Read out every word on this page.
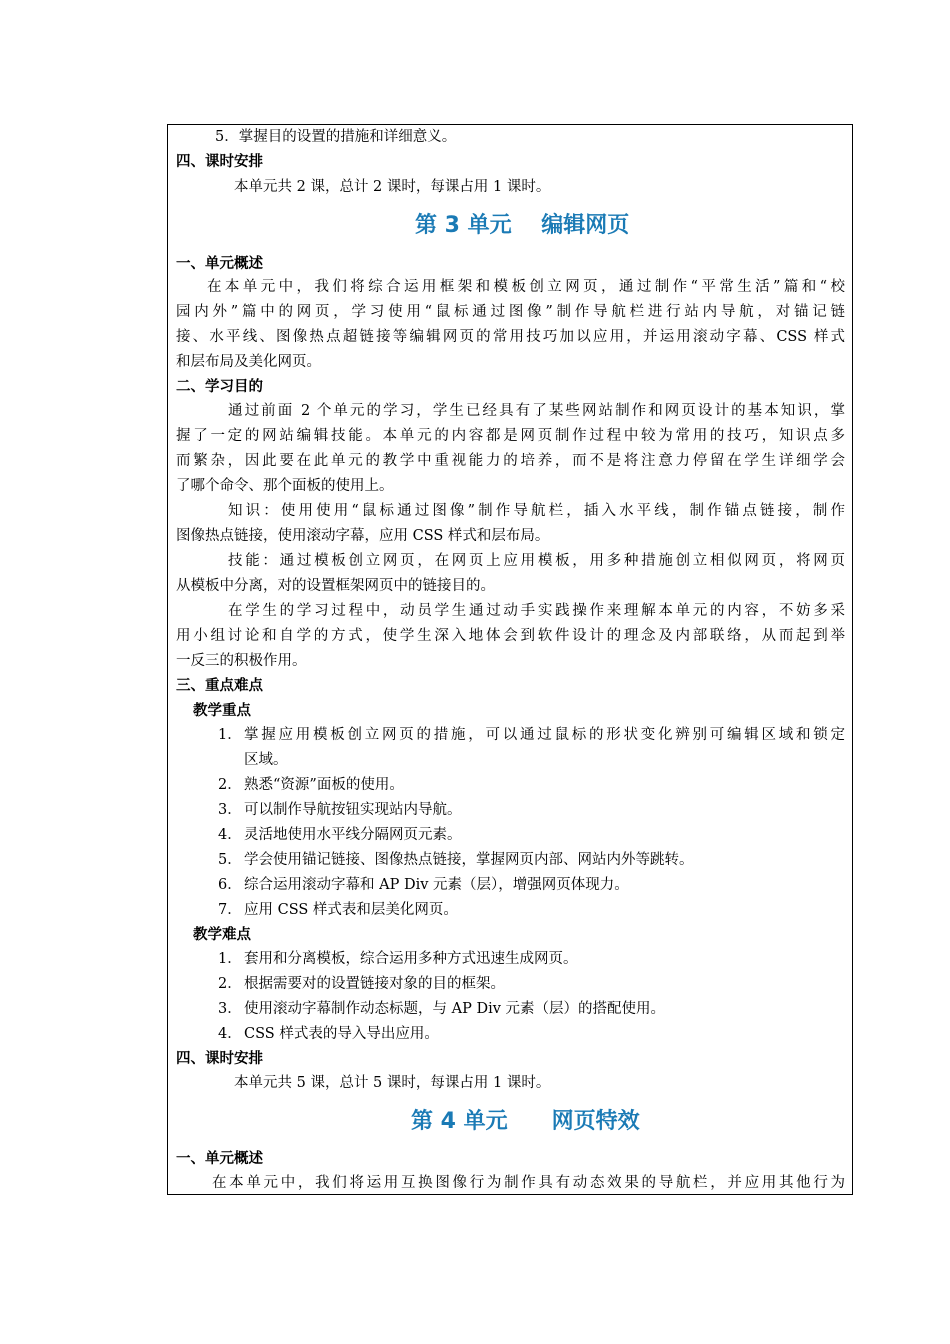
5．掌握目的设置的措施和详细意义。
四、课时安排
本单元共 2 课，总计 2 课时，每课占用 1 课时。
第 3 单元　 编辑网页
一、单元概述
在本单元中，我们将综合运用框架和模板创立网页，通过制作“平常生活”篇和“校
园内外”篇中的网页，学习使用“鼠标通过图像”制作导航栏进行站内导航，对锚记链
接、水平线、图像热点超链接等编辑网页的常用技巧加以应用，并运用滚动字幕、CSS 样式
和层布局及美化网页。
二、学习目的
通过前面 2 个单元的学习，学生已经具有了某些网站制作和网页设计的基本知识，掌
握了一定的网站编辑技能。本单元的内容都是网页制作过程中较为常用的技巧，知识点多
而繁杂，因此要在此单元的教学中重视能力的培养，而不是将注意力停留在学生详细学会
了哪个命令、那个面板的使用上。
知识：使用使用“鼠标通过图像”制作导航栏，插入水平线，制作锚点链接，制作
图像热点链接，使用滚动字幕，应用 CSS 样式和层布局。
技能：通过模板创立网页，在网页上应用模板，用多种措施创立相似网页，将网页
从模板中分离，对的设置框架网页中的链接目的。
在学生的学习过程中，动员学生通过动手实践操作来理解本单元的内容，不妨多采
用小组讨论和自学的方式，使学生深入地体会到软件设计的理念及内部联络，从而起到举
一反三的积极作用。
三、重点难点
教学重点
1． 掌握应用模板创立网页的措施，可以通过鼠标的形状变化辨别可编辑区域和锁定
区域。
2． 熟悉“资源”面板的使用。
3． 可以制作导航按钮实现站内导航。
4． 灵活地使用水平线分隔网页元素。
5． 学会使用锚记链接、图像热点链接，掌握网页内部、网站内外等跳转。
6． 综合运用滚动字幕和 AP Div 元素（层），增强网页体现力。
7． 应用 CSS 样式表和层美化网页。
教学难点
1． 套用和分离模板，综合运用多种方式迅速生成网页。
2． 根据需要对的设置链接对象的目的框架。
3． 使用滚动字幕制作动态标题，与 AP Div 元素（层）的搭配使用。
4． CSS 样式表的导入导出应用。
四、课时安排
本单元共 5 课，总计 5 课时，每课占用 1 课时。
第 4 单元　　网页特效
一、单元概述
在本单元中，我们将运用互换图像行为制作具有动态效果的导航栏，并应用其他行为
